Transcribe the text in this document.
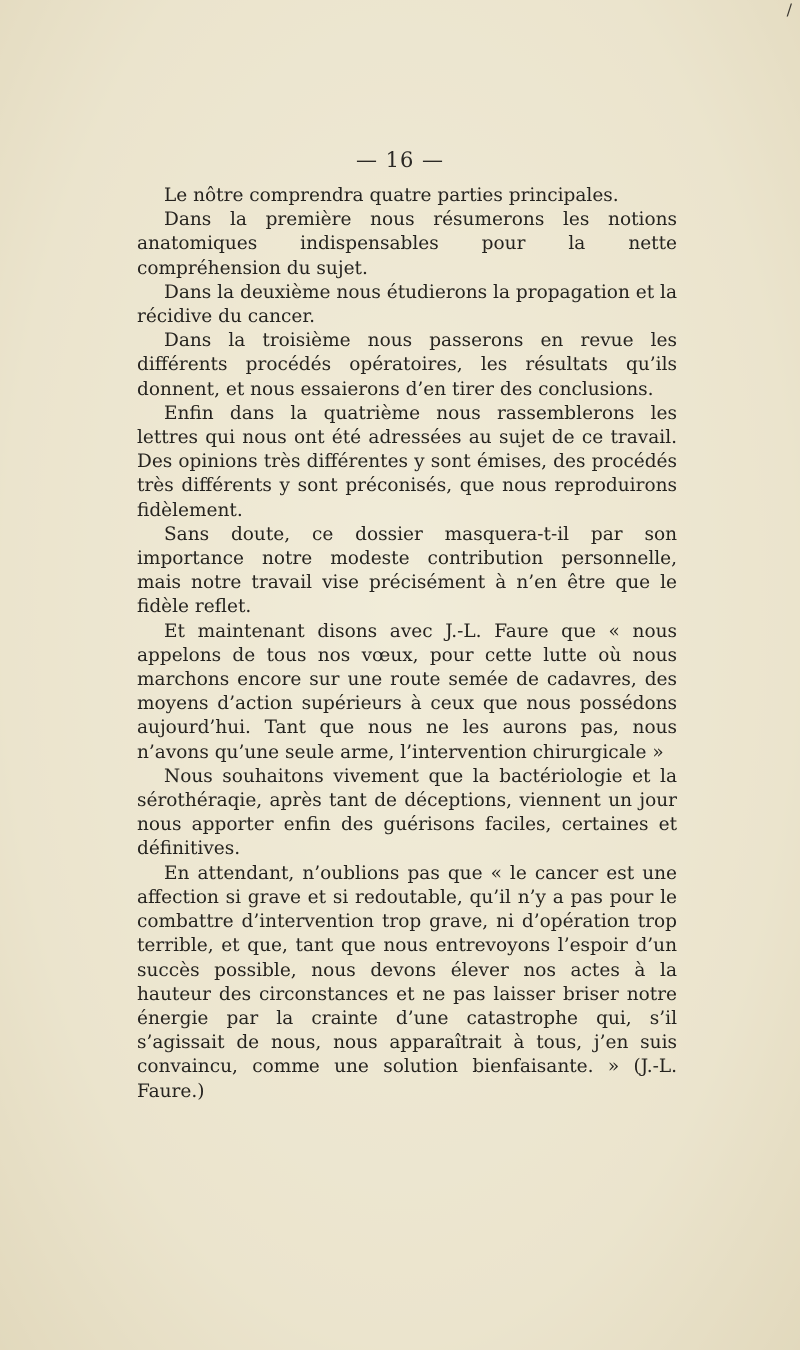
/
— 16 —

Le nôtre comprendra quatre parties principales.

Dans la première nous résumerons les notions anatomiques indispensables pour la nette compréhension du sujet.

Dans la deuxième nous étudierons la propagation et la récidive du cancer.

Dans la troisième nous passerons en revue les différents procédés opératoires, les résultats qu’ils donnent, et nous essaierons d’en tirer des conclusions.

Enfin dans la quatrième nous rassemblerons les lettres qui nous ont été adressées au sujet de ce travail. Des opinions très différentes y sont émises, des procédés très différents y sont préconisés, que nous reproduirons fidèlement.

Sans doute, ce dossier masquera-t-il par son importance notre modeste contribution personnelle, mais notre travail vise précisément à n’en être que le fidèle reflet.

Et maintenant disons avec J.-L. Faure que « nous appelons de tous nos vœux, pour cette lutte où nous marchons encore sur une route semée de cadavres, des moyens d’action supérieurs à ceux que nous possédons aujourd’hui. Tant que nous ne les aurons pas, nous n’avons qu’une seule arme, l’intervention chirurgicale »

Nous souhaitons vivement que la bactériologie et la sérothéraqie, après tant de déceptions, viennent un jour nous apporter enfin des guérisons faciles, certaines et définitives.

En attendant, n’oublions pas que « le cancer est une affection si grave et si redoutable, qu’il n’y a pas pour le combattre d’intervention trop grave, ni d’opération trop terrible, et que, tant que nous entrevoyons l’espoir d’un succès possible, nous devons élever nos actes à la hauteur des circonstances et ne pas laisser briser notre énergie par la crainte d’une catastrophe qui, s’il s’agissait de nous, nous apparaîtrait à tous, j’en suis convaincu, comme une solution bienfaisante. » (J.-L. Faure.)
